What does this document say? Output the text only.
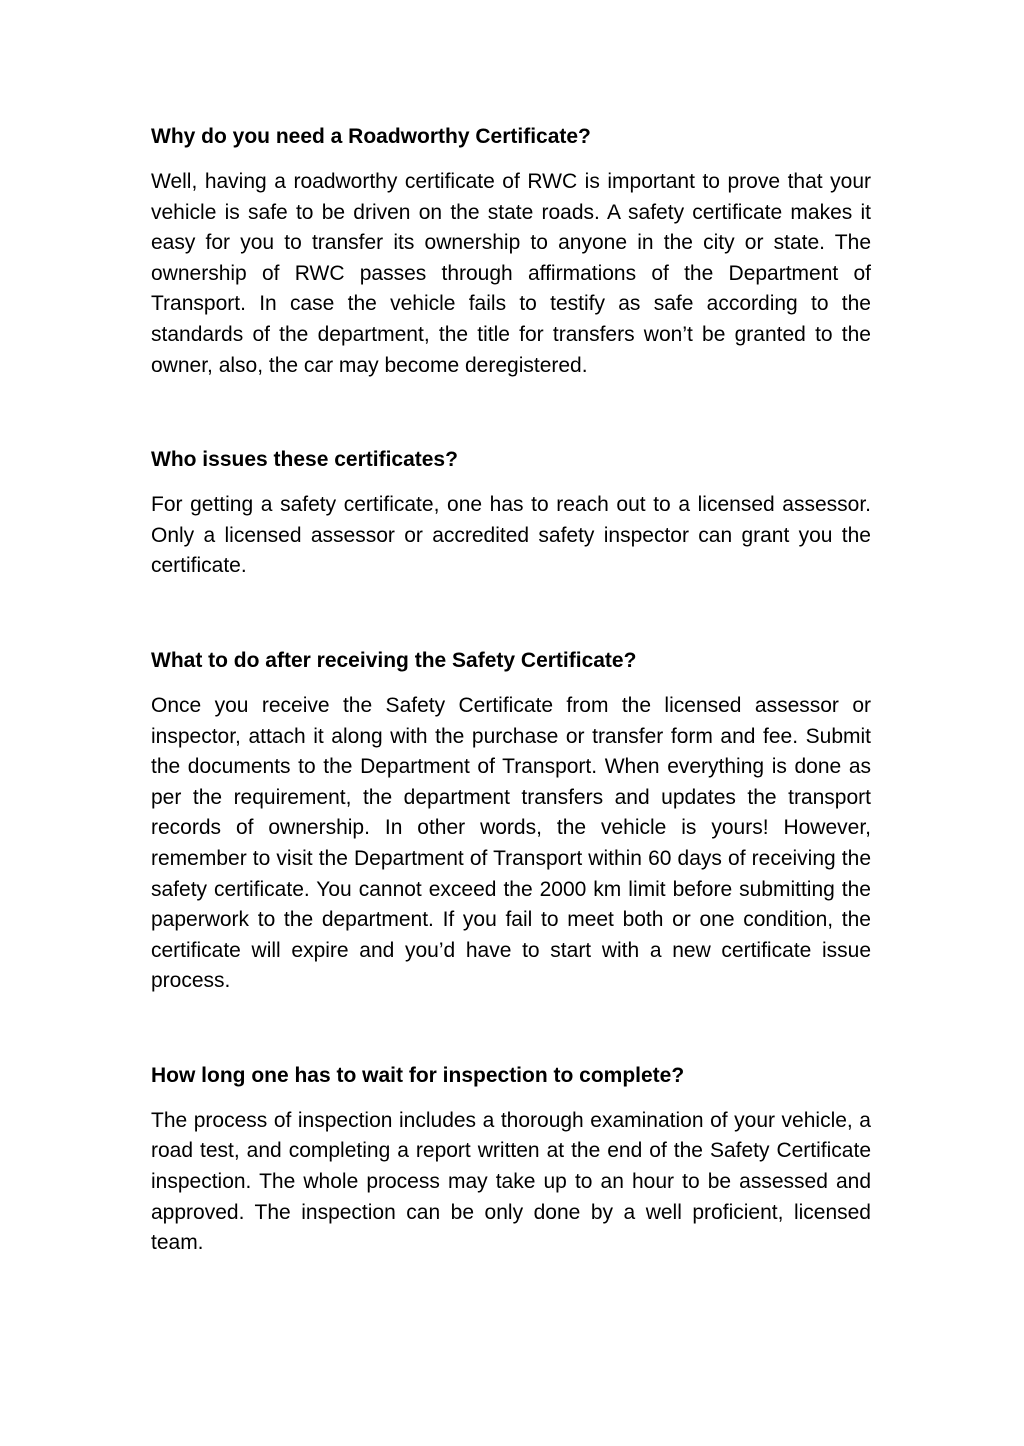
Why do you need a Roadworthy Certificate?

Well, having a roadworthy certificate of RWC is important to prove that your vehicle is safe to be driven on the state roads. A safety certificate makes it easy for you to transfer its ownership to anyone in the city or state. The ownership of RWC passes through affirmations of the Department of Transport. In case the vehicle fails to testify as safe according to the standards of the department, the title for transfers won’t be granted to the owner, also, the car may become deregistered.

Who issues these certificates?

For getting a safety certificate, one has to reach out to a licensed assessor. Only a licensed assessor or accredited safety inspector can grant you the certificate.

What to do after receiving the Safety Certificate?

Once you receive the Safety Certificate from the licensed assessor or inspector, attach it along with the purchase or transfer form and fee. Submit the documents to the Department of Transport. When everything is done as per the requirement, the department transfers and updates the transport records of ownership. In other words, the vehicle is yours! However, remember to visit the Department of Transport within 60 days of receiving the safety certificate. You cannot exceed the 2000 km limit before submitting the paperwork to the department. If you fail to meet both or one condition, the certificate will expire and you’d have to start with a new certificate issue process.

How long one has to wait for inspection to complete?

The process of inspection includes a thorough examination of your vehicle, a road test, and completing a report written at the end of the Safety Certificate inspection. The whole process may take up to an hour to be assessed and approved. The inspection can be only done by a well proficient, licensed team.
